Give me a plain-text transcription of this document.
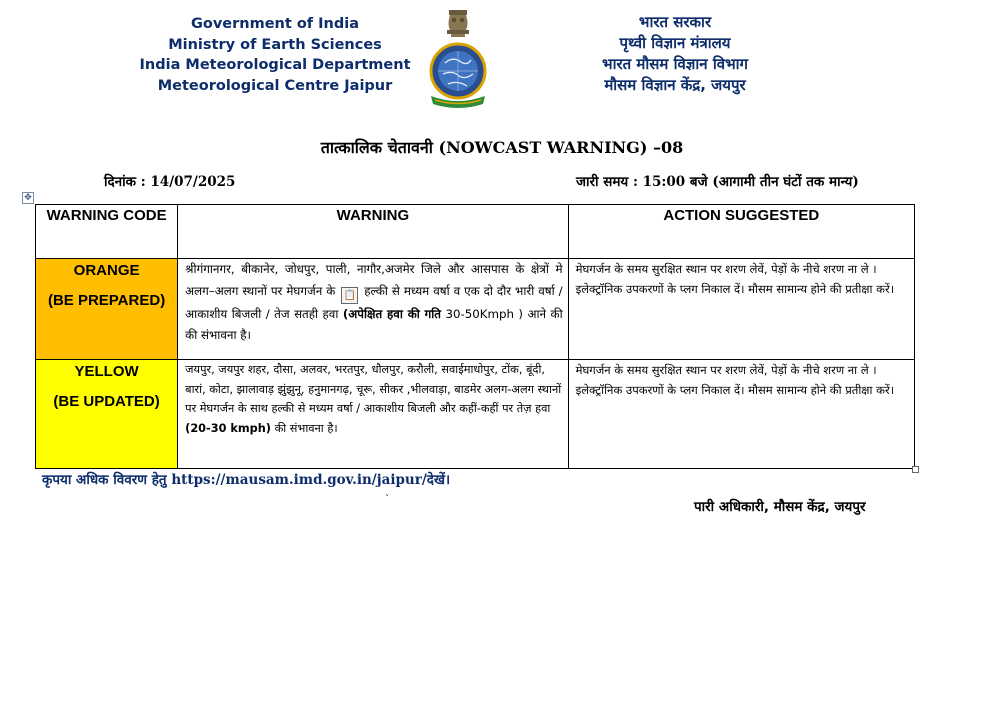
Government of India
Ministry of Earth Sciences
India Meteorological Department
Meteorological Centre Jaipur
भारत सरकार
पृथ्वी विज्ञान मंत्रालय
भारत मौसम विज्ञान विभाग
मौसम विज्ञान केंद्र, जयपुर
तात्कालिक चेतावनी (NOWCAST WARNING) –08
दिनांक : 14/07/2025	जारी समय : 15:00 बजे (आगामी तीन घंटों तक मान्य)
✥
WARNING CODE	WARNING	ACTION SUGGESTED

ORANGE
(BE PREPARED)	श्रीगंगानगर, बीकानेर, जोधपुर, पाली, नागौर,अजमेर जिले और आसपास के क्षेत्रों मे अलग–अलग स्थानों पर मेघगर्जन के 📋 हल्की से मध्यम वर्षा व एक दो दौर भारी वर्षा /आकाशीय बिजली / तेज सतही हवा (अपेक्षित हवा की गति 30-50Kmph ) आने की की संभावना है।	मेघगर्जन के समय सुरक्षित स्थान पर शरण लेवें, पेड़ों के नीचे शरण ना ले । इलेक्ट्रॉनिक उपकरणों के प्लग निकाल दें। मौसम सामान्य होने की प्रतीक्षा करें।

YELLOW
(BE UPDATED)	जयपुर, जयपुर शहर, दौसा, अलवर, भरतपुर, धौलपुर, करौली, सवाईमाधोपुर, टोंक, बूंदी, बारां, कोटा, झालावाड़ झुंझुनू, हनुमानगढ़, चूरू, सीकर ,भीलवाड़ा, बाडमेर अलग-अलग स्थानों पर मेघगर्जन के साथ हल्की से मध्यम वर्षा / आकाशीय बिजली और कहीं-कहीं पर तेज़ हवा (20-30 kmph) की संभावना है।	मेघगर्जन के समय सुरक्षित स्थान पर शरण लेवें, पेड़ों के नीचे शरण ना ले । इलेक्ट्रॉनिक उपकरणों के प्लग निकाल दें। मौसम सामान्य होने की प्रतीक्षा करें।
कृपया अधिक विवरण हेतु https://mausam.imd.gov.in/jaipur/देखें।
`	पारी अधिकारी, मौसम केंद्र, जयपुर
